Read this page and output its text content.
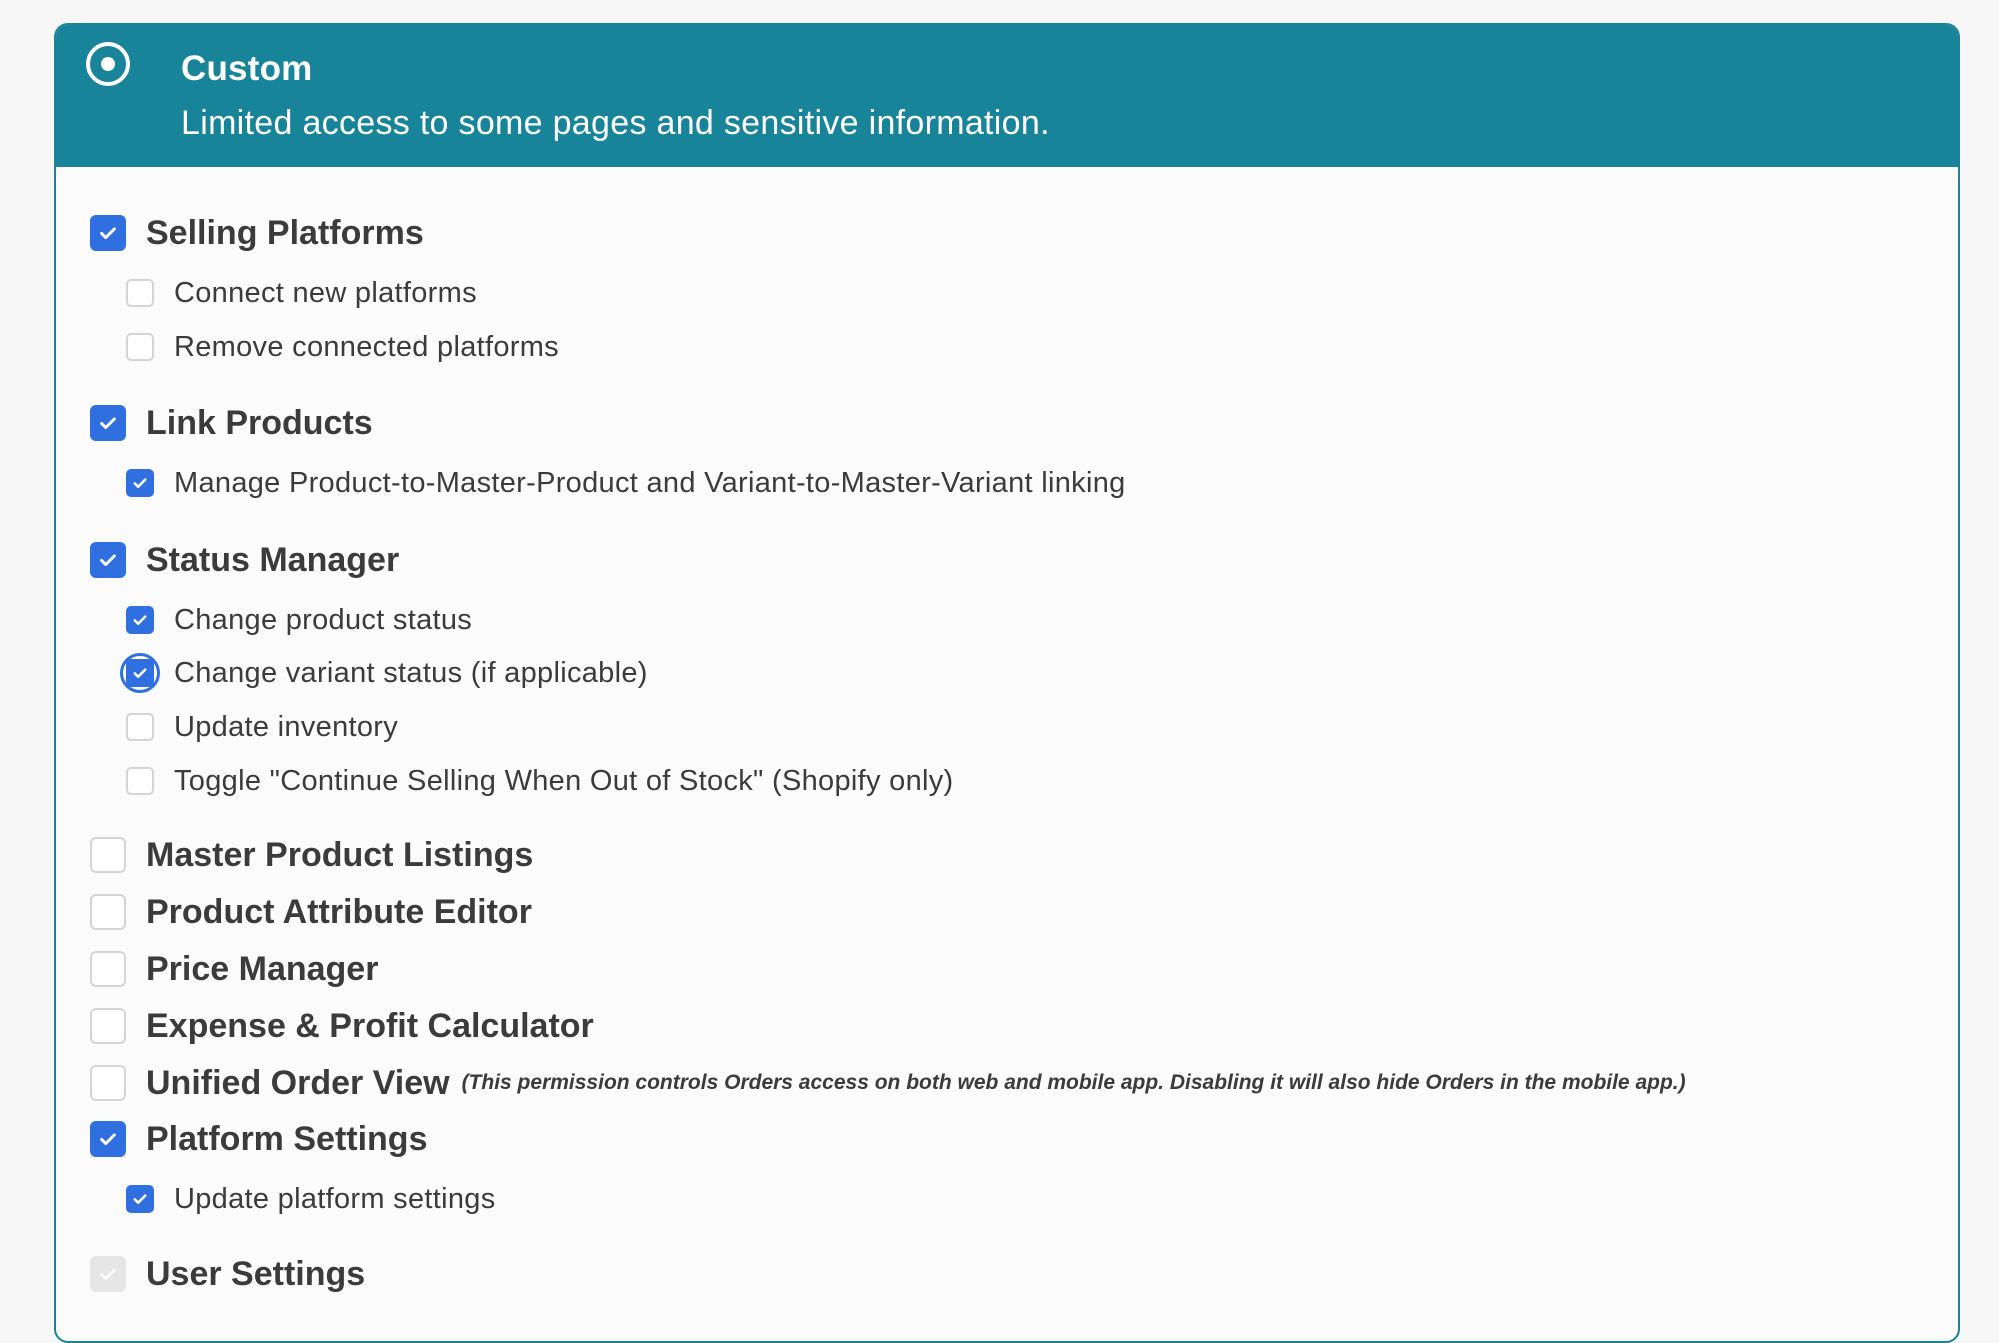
Custom
Limited access to some pages and sensitive information.
Selling Platforms
Connect new platforms
Remove connected platforms
Link Products
Manage Product-to-Master-Product and Variant-to-Master-Variant linking
Status Manager
Change product status
Change variant status (if applicable)
Update inventory
Toggle "Continue Selling When Out of Stock" (Shopify only)
Master Product Listings
Product Attribute Editor
Price Manager
Expense & Profit Calculator
Unified Order View (This permission controls Orders access on both web and mobile app. Disabling it will also hide Orders in the mobile app.)
Platform Settings
Update platform settings
User Settings
